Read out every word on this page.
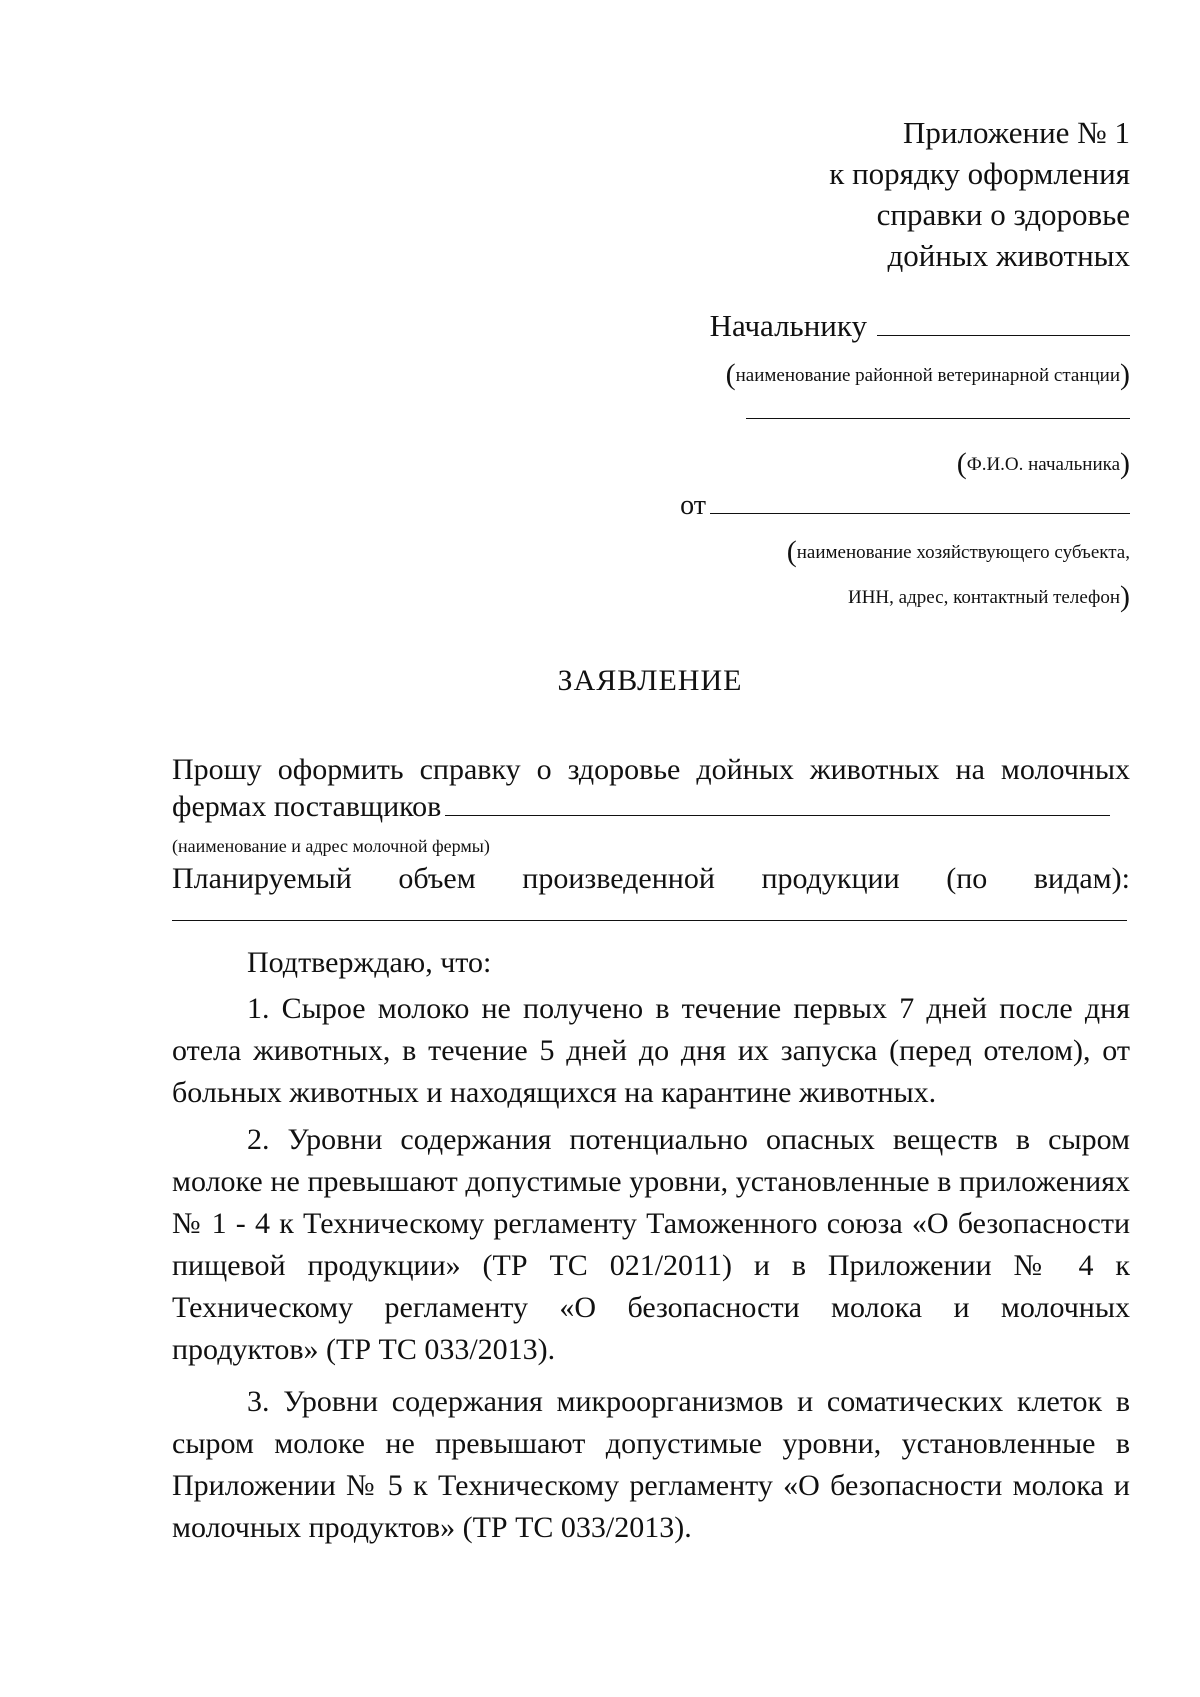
Приложение № 1
к порядку оформления
справки о здоровье
дойных животных
Начальнику
(наименование районной ветеринарной станции)
(Ф.И.О. начальника)
от
(наименование хозяйствующего субъекта,
ИНН, адрес, контактный телефон)
ЗАЯВЛЕНИЕ
Прошу оформить справку о здоровье дойных животных на молочных
фермах поставщиков
(наименование и адрес молочной фермы)
Планируемый объем произведенной продукции (по видам):
Подтверждаю, что:
1. Сырое молоко не получено в течение первых 7 дней после дня отела животных, в течение 5 дней до дня их запуска (перед отелом), от больных животных и находящихся на карантине животных.
2. Уровни содержания потенциально опасных веществ в сыром молоке не превышают допустимые уровни, установленные в приложениях № 1 - 4 к Техническому регламенту Таможенного союза «О безопасности пищевой продукции» (ТР ТС 021/2011) и в Приложении № 4 к Техническому регламенту «О безопасности молока и молочных продуктов» (ТР ТС 033/2013).
3. Уровни содержания микроорганизмов и соматических клеток в сыром молоке не превышают допустимые уровни, установленные в Приложении № 5 к Техническому регламенту «О безопасности молока и молочных продуктов» (ТР ТС 033/2013).
